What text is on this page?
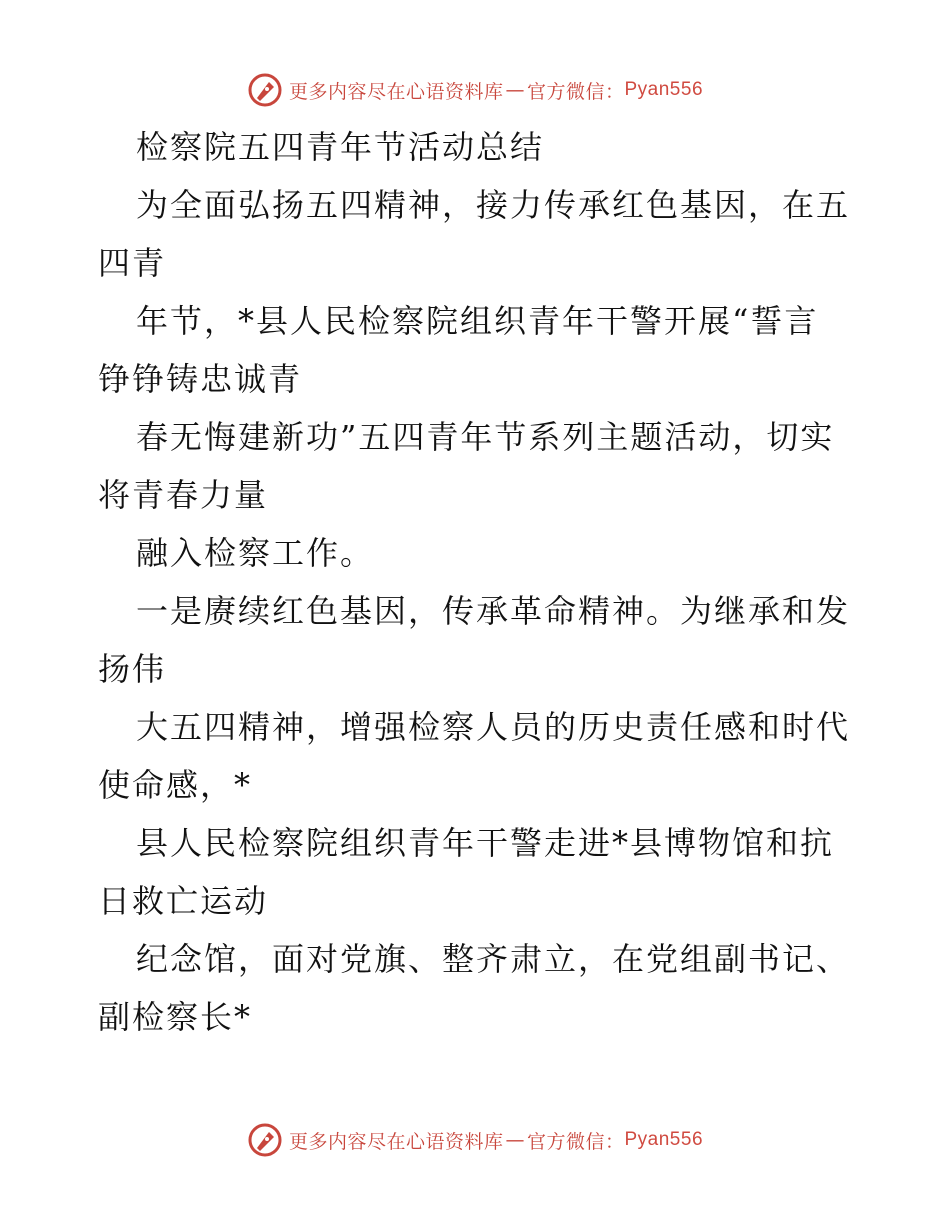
更多内容尽在心语资料库 — 官方微信： Pyan556
检察院五四青年节活动总结
为全面弘扬五四精神，接力传承红色基因，在五
四青
年节，*县人民检察院组织青年干警开展“誓言
铮铮铸忠诚青
春无悔建新功”五四青年节系列主题活动，切实
将青春力量
融入检察工作。
一是赓续红色基因，传承革命精神。为继承和发
扬伟
大五四精神，增强检察人员的历史责任感和时代
使命感，*
县人民检察院组织青年干警走进*县博物馆和抗
日救亡运动
纪念馆，面对党旗、整齐肃立，在党组副书记、
副检察长*
更多内容尽在心语资料库 — 官方微信： Pyan556
